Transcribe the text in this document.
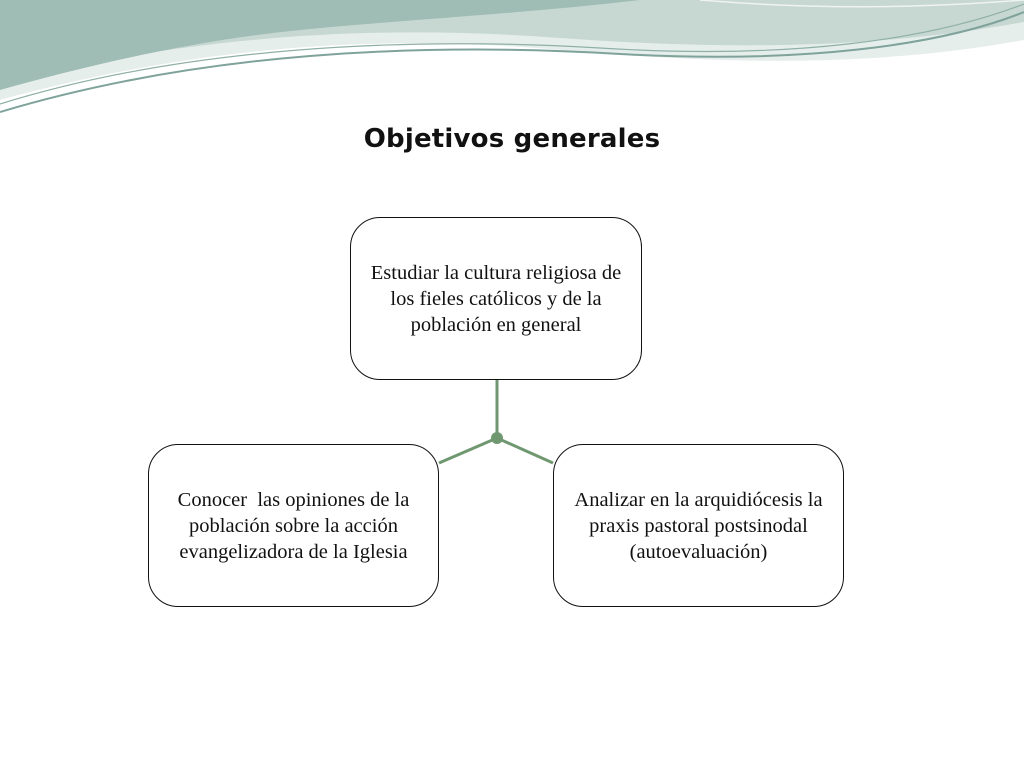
Objetivos generales
Estudiar la cultura religiosa de los fieles católicos y de la población en general
Conocer  las opiniones de la población sobre la acción evangelizadora de la Iglesia
Analizar en la arquidiócesis la praxis pastoral postsinodal (autoevaluación)
